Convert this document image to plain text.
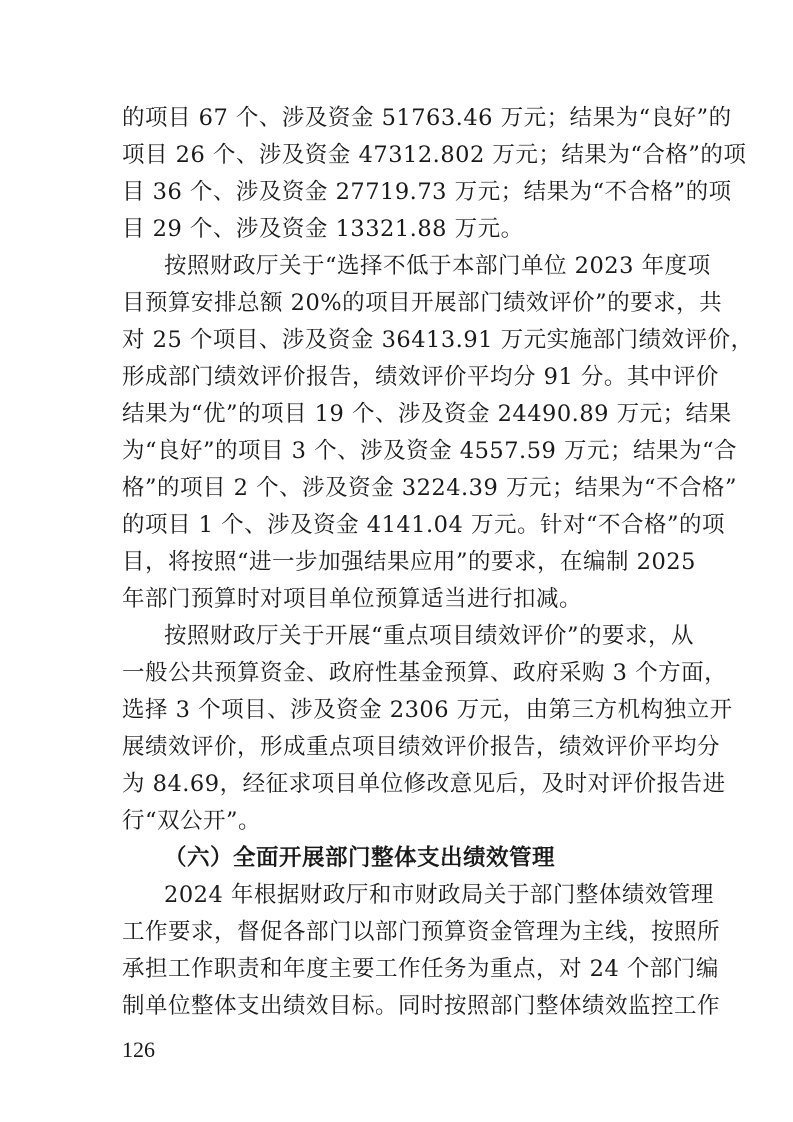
的项目 67 个、涉及资金 51763.46 万元；结果为“良好”的
项目 26 个、涉及资金 47312.802 万元；结果为“合格”的项
目 36 个、涉及资金 27719.73 万元；结果为“不合格”的项
目 29 个、涉及资金 13321.88 万元。
按照财政厅关于“选择不低于本部门单位 2023 年度项
目预算安排总额 20%的项目开展部门绩效评价”的要求，共
对 25 个项目、涉及资金 36413.91 万元实施部门绩效评价，
形成部门绩效评价报告，绩效评价平均分 91 分。其中评价
结果为“优”的项目 19 个、涉及资金 24490.89 万元；结果
为“良好”的项目 3 个、涉及资金 4557.59 万元；结果为“合
格”的项目 2 个、涉及资金 3224.39 万元；结果为“不合格”
的项目 1 个、涉及资金 4141.04 万元。针对“不合格”的项
目，将按照“进一步加强结果应用”的要求，在编制 2025
年部门预算时对项目单位预算适当进行扣减。
按照财政厅关于开展“重点项目绩效评价”的要求，从
一般公共预算资金、政府性基金预算、政府采购 3 个方面，
选择 3 个项目、涉及资金 2306 万元，由第三方机构独立开
展绩效评价，形成重点项目绩效评价报告，绩效评价平均分
为 84.69，经征求项目单位修改意见后，及时对评价报告进
行“双公开”。
（六）全面开展部门整体支出绩效管理
2024 年根据财政厅和市财政局关于部门整体绩效管理
工作要求，督促各部门以部门预算资金管理为主线，按照所
承担工作职责和年度主要工作任务为重点，对 24 个部门编
制单位整体支出绩效目标。同时按照部门整体绩效监控工作
126
